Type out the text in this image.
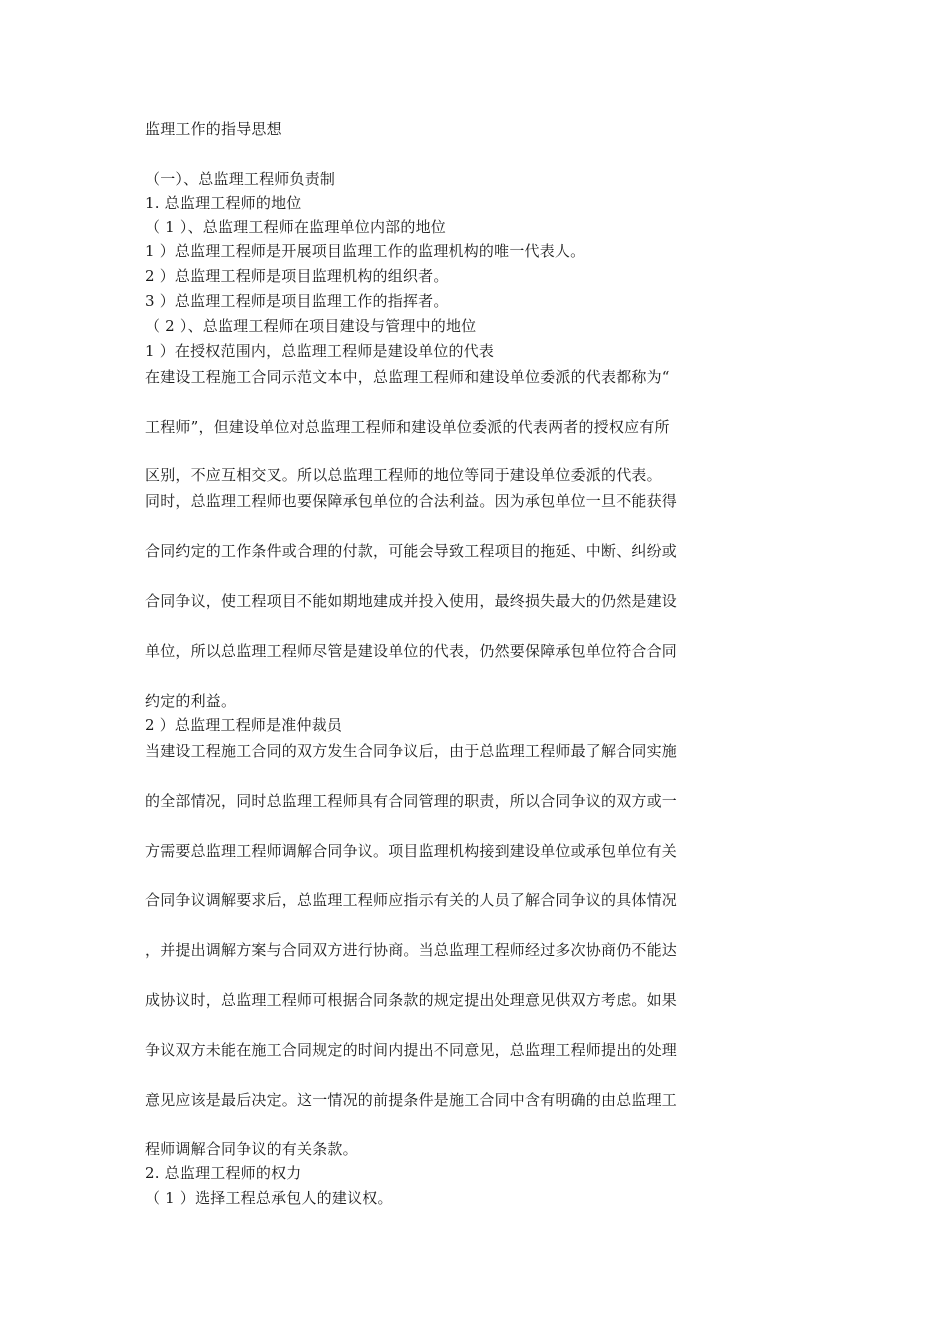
监理工作的指导思想
（一）、总监理工程师负责制
1. 总监理工程师的地位
（ 1 ）、总监理工程师在监理单位内部的地位
1 ）总监理工程师是开展项目监理工作的监理机构的唯一代表人。
2 ）总监理工程师是项目监理机构的组织者。
3 ）总监理工程师是项目监理工作的指挥者。
（ 2 ）、总监理工程师在项目建设与管理中的地位
1 ）在授权范围内，总监理工程师是建设单位的代表
在建设工程施工合同示范文本中，总监理工程师和建设单位委派的代表都称为“
工程师”，但建设单位对总监理工程师和建设单位委派的代表两者的授权应有所
区别，不应互相交叉。所以总监理工程师的地位等同于建设单位委派的代表。
同时，总监理工程师也要保障承包单位的合法利益。因为承包单位一旦不能获得
合同约定的工作条件或合理的付款，可能会导致工程项目的拖延、中断、纠纷或
合同争议，使工程项目不能如期地建成并投入使用，最终损失最大的仍然是建设
单位，所以总监理工程师尽管是建设单位的代表，仍然要保障承包单位符合合同
约定的利益。
2 ）总监理工程师是准仲裁员
当建设工程施工合同的双方发生合同争议后，由于总监理工程师最了解合同实施
的全部情况，同时总监理工程师具有合同管理的职责，所以合同争议的双方或一
方需要总监理工程师调解合同争议。项目监理机构接到建设单位或承包单位有关
合同争议调解要求后，总监理工程师应指示有关的人员了解合同争议的具体情况
，并提出调解方案与合同双方进行协商。当总监理工程师经过多次协商仍不能达
成协议时，总监理工程师可根据合同条款的规定提出处理意见供双方考虑。如果
争议双方未能在施工合同规定的时间内提出不同意见，总监理工程师提出的处理
意见应该是最后决定。这一情况的前提条件是施工合同中含有明确的由总监理工
程师调解合同争议的有关条款。
2. 总监理工程师的权力
（ 1 ）选择工程总承包人的建议权。
